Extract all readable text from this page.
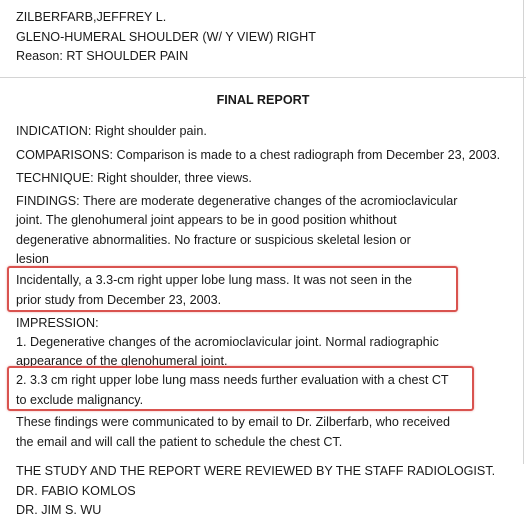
ZILBERFARB,JEFFREY L.
GLENO-HUMERAL SHOULDER (W/ Y VIEW) RIGHT
Reason: RT SHOULDER PAIN
FINAL REPORT
INDICATION: Right shoulder pain.
COMPARISONS: Comparison is made to a chest radiograph from December 23, 2003.
TECHNIQUE: Right shoulder, three views.
FINDINGS: There are moderate degenerative changes of the acromioclavicular
joint. The glenohumeral joint appears to be in good position whithout
degenerative abnormalities. No fracture or suspicious skeletal lesion or
lesion
Incidentally, a 3.3-cm right upper lobe lung mass. It was not seen in the
prior study from December 23, 2003.
IMPRESSION:
1. Degenerative changes of the acromioclavicular joint. Normal radiographic
appearance of the glenohumeral joint.
2. 3.3 cm right upper lobe lung mass needs further evaluation with a chest CT
to exclude malignancy.
These findings were communicated to by email to Dr. Zilberfarb, who received
the email and will call the patient to schedule the chest CT.
THE STUDY AND THE REPORT WERE REVIEWED BY THE STAFF RADIOLOGIST.
DR. FABIO KOMLOS
DR. JIM S. WU
